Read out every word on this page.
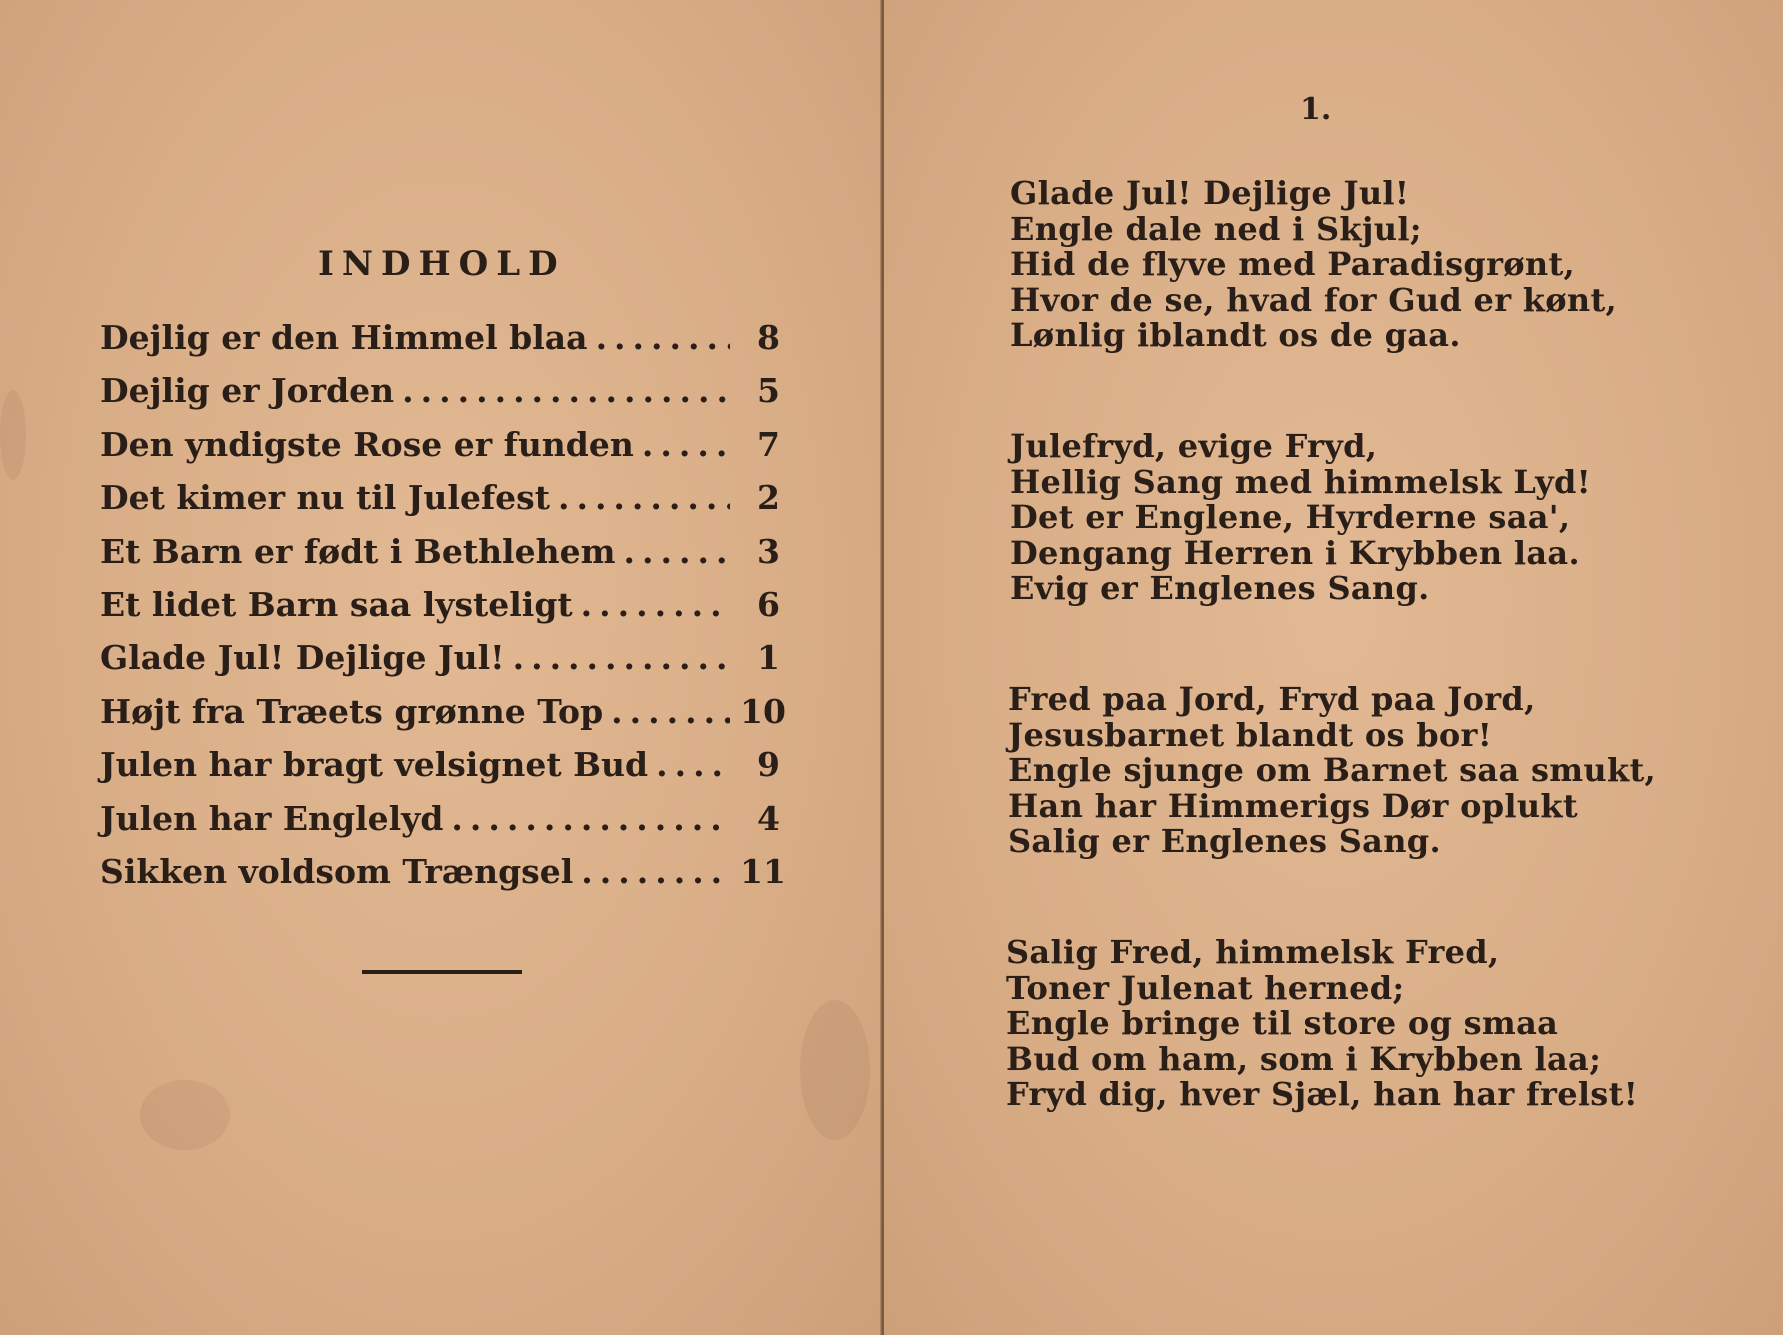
INDHOLD
Dejlig er den Himmel blaa .....	8
Dejlig er Jorden .....	5
Den yndigste Rose er funden .....	7
Det kimer nu til Julefest .....	2
Et Barn er født i Bethlehem .....	3
Et lidet Barn saa lysteligt .....	6
Glade Jul! Dejlige Jul! .....	1
Højt fra Træets grønne Top .....	10
Julen har bragt velsignet Bud .....	9
Julen har Englelyd .....	4
Sikken voldsom Trængsel .....	11
1.
Glade Jul! Dejlige Jul!
Engle dale ned i Skjul;
Hid de flyve med Paradisgrønt,
Hvor de se, hvad for Gud er kønt,
Lønlig iblandt os de gaa.
Julefryd, evige Fryd,
Hellig Sang med himmelsk Lyd!
Det er Englene, Hyrderne saa',
Dengang Herren i Krybben laa.
Evig er Englenes Sang.
Fred paa Jord, Fryd paa Jord,
Jesusbarnet blandt os bor!
Engle sjunge om Barnet saa smukt,
Han har Himmerigs Dør oplukt
Salig er Englenes Sang.
Salig Fred, himmelsk Fred,
Toner Julenat herned;
Engle bringe til store og smaa
Bud om ham, som i Krybben laa;
Fryd dig, hver Sjæl, han har frelst!
